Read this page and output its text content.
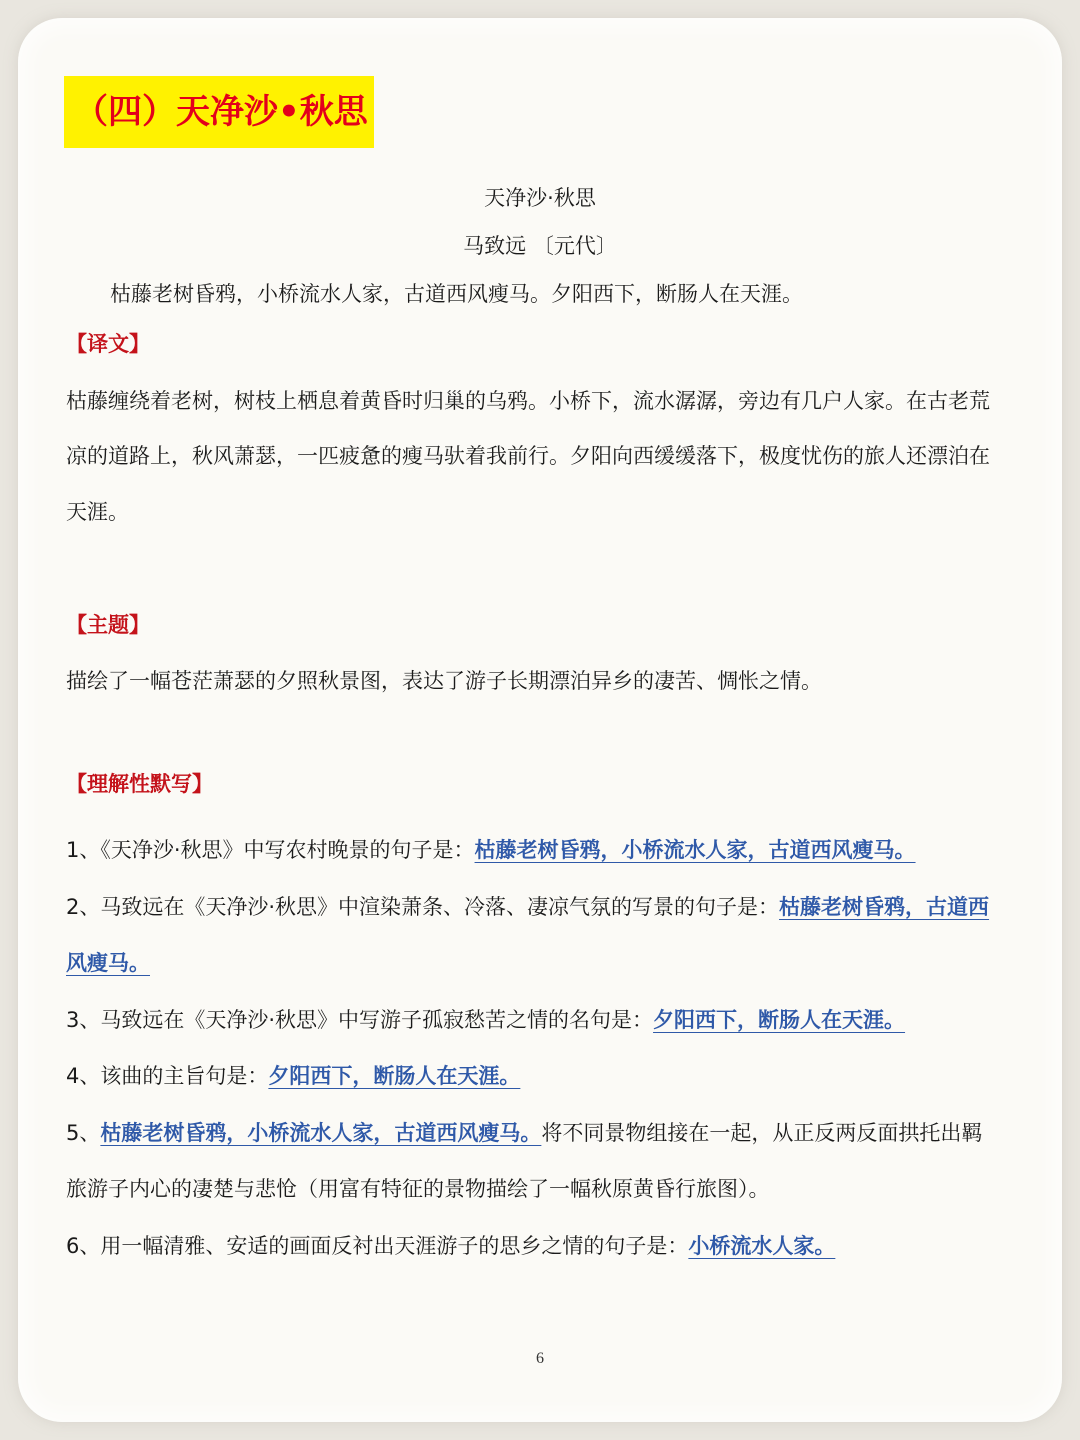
（四）天净沙•秋思
天净沙·秋思
马致远 〔元代〕
枯藤老树昏鸦，小桥流水人家，古道西风瘦马。夕阳西下，断肠人在天涯。
【译文】
枯藤缠绕着老树，树枝上栖息着黄昏时归巢的乌鸦。小桥下，流水潺潺，旁边有几户人家。在古老荒
凉的道路上，秋风萧瑟，一匹疲惫的瘦马驮着我前行。夕阳向西缓缓落下，极度忧伤的旅人还漂泊在
天涯。
【主题】
描绘了一幅苍茫萧瑟的夕照秋景图，表达了游子长期漂泊异乡的凄苦、惆怅之情。
【理解性默写】
1、《天净沙·秋思》中写农村晚景的句子是：枯藤老树昏鸦，小桥流水人家，古道西风瘦马。
2、马致远在《天净沙·秋思》中渲染萧条、冷落、凄凉气氛的写景的句子是：枯藤老树昏鸦，古道西
风瘦马。
3、马致远在《天净沙·秋思》中写游子孤寂愁苦之情的名句是：夕阳西下，断肠人在天涯。
4、该曲的主旨句是：夕阳西下，断肠人在天涯。
5、枯藤老树昏鸦，小桥流水人家，古道西风瘦马。将不同景物组接在一起，从正反两反面拱托出羁
旅游子内心的凄楚与悲怆（用富有特征的景物描绘了一幅秋原黄昏行旅图）。
6、用一幅清雅、安适的画面反衬出天涯游子的思乡之情的句子是：小桥流水人家。
6
